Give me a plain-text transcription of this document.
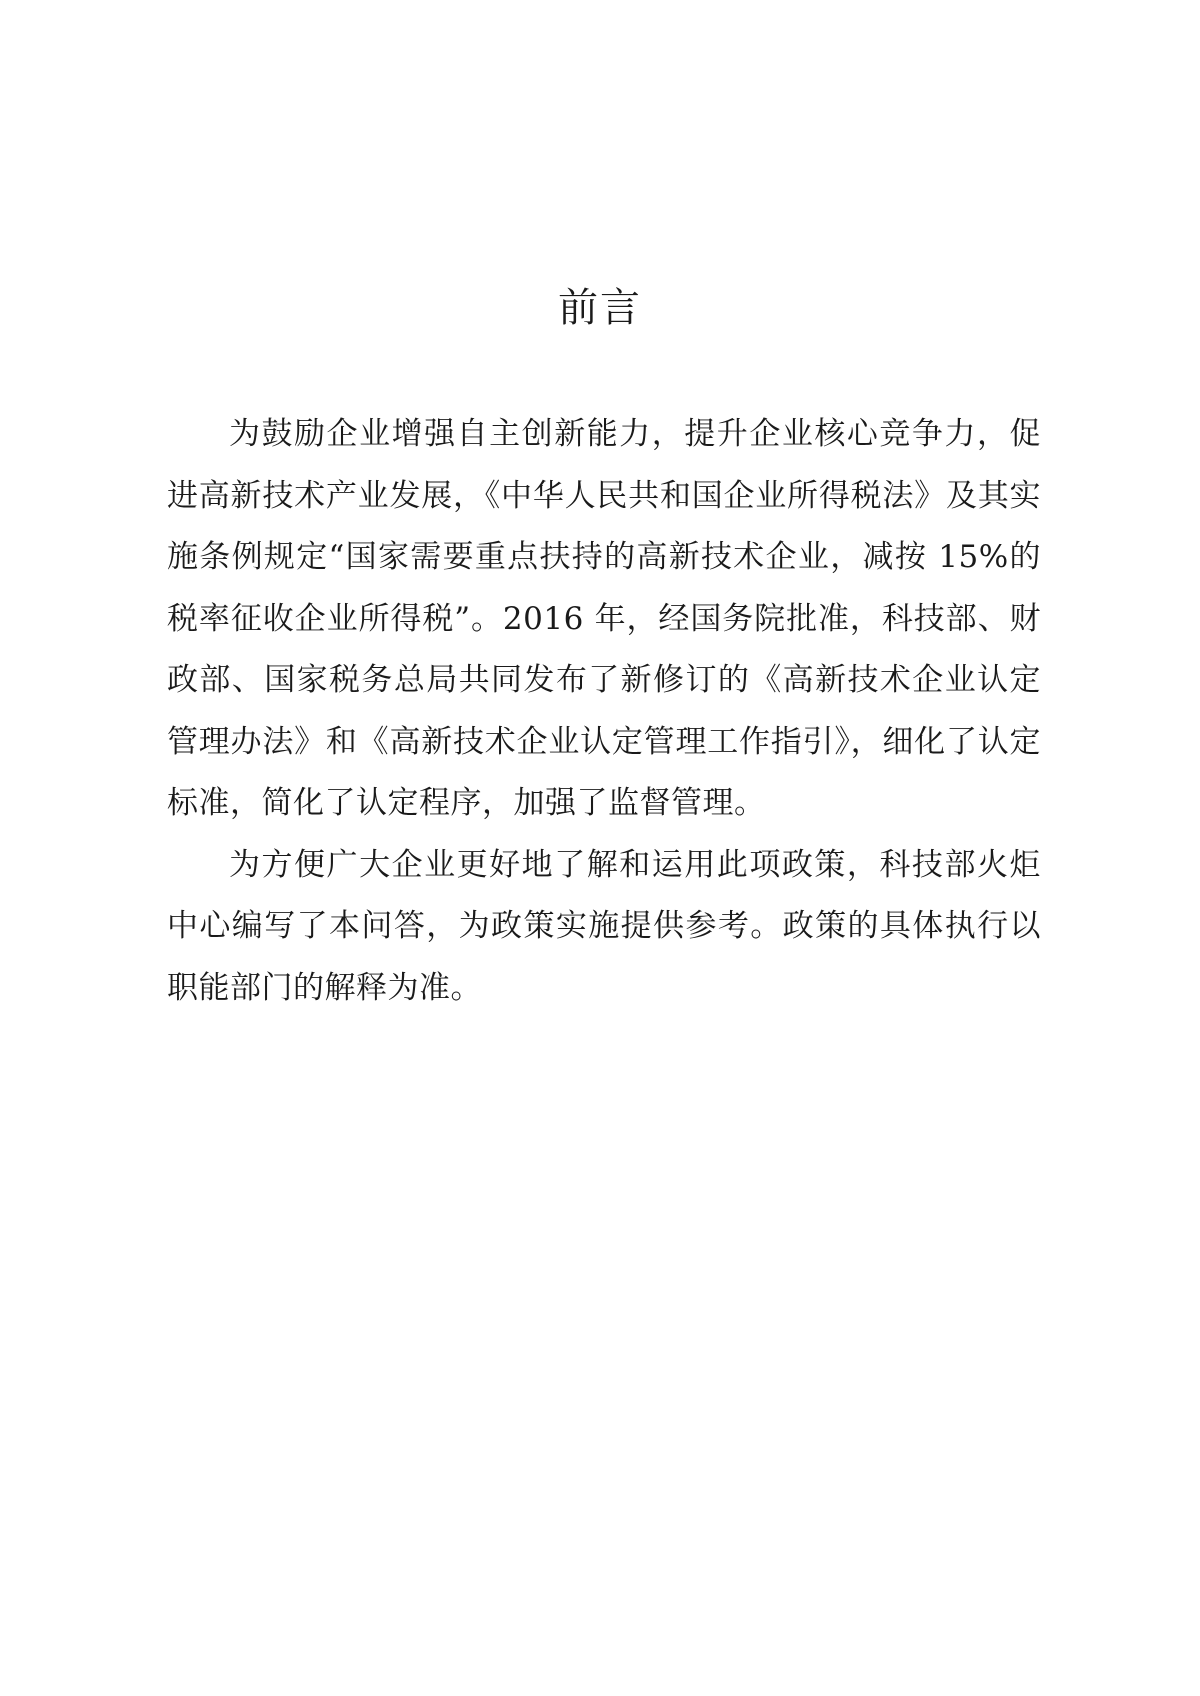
前言

为鼓励企业增强自主创新能力，提升企业核心竞争力，促进高新技术产业发展，《中华人民共和国企业所得税法》及其实施条例规定“国家需要重点扶持的高新技术企业，减按 15%的税率征收企业所得税”。2016 年，经国务院批准，科技部、财政部、国家税务总局共同发布了新修订的《高新技术企业认定管理办法》和《高新技术企业认定管理工作指引》，细化了认定标准，简化了认定程序，加强了监督管理。

为方便广大企业更好地了解和运用此项政策，科技部火炬中心编写了本问答，为政策实施提供参考。政策的具体执行以职能部门的解释为准。
